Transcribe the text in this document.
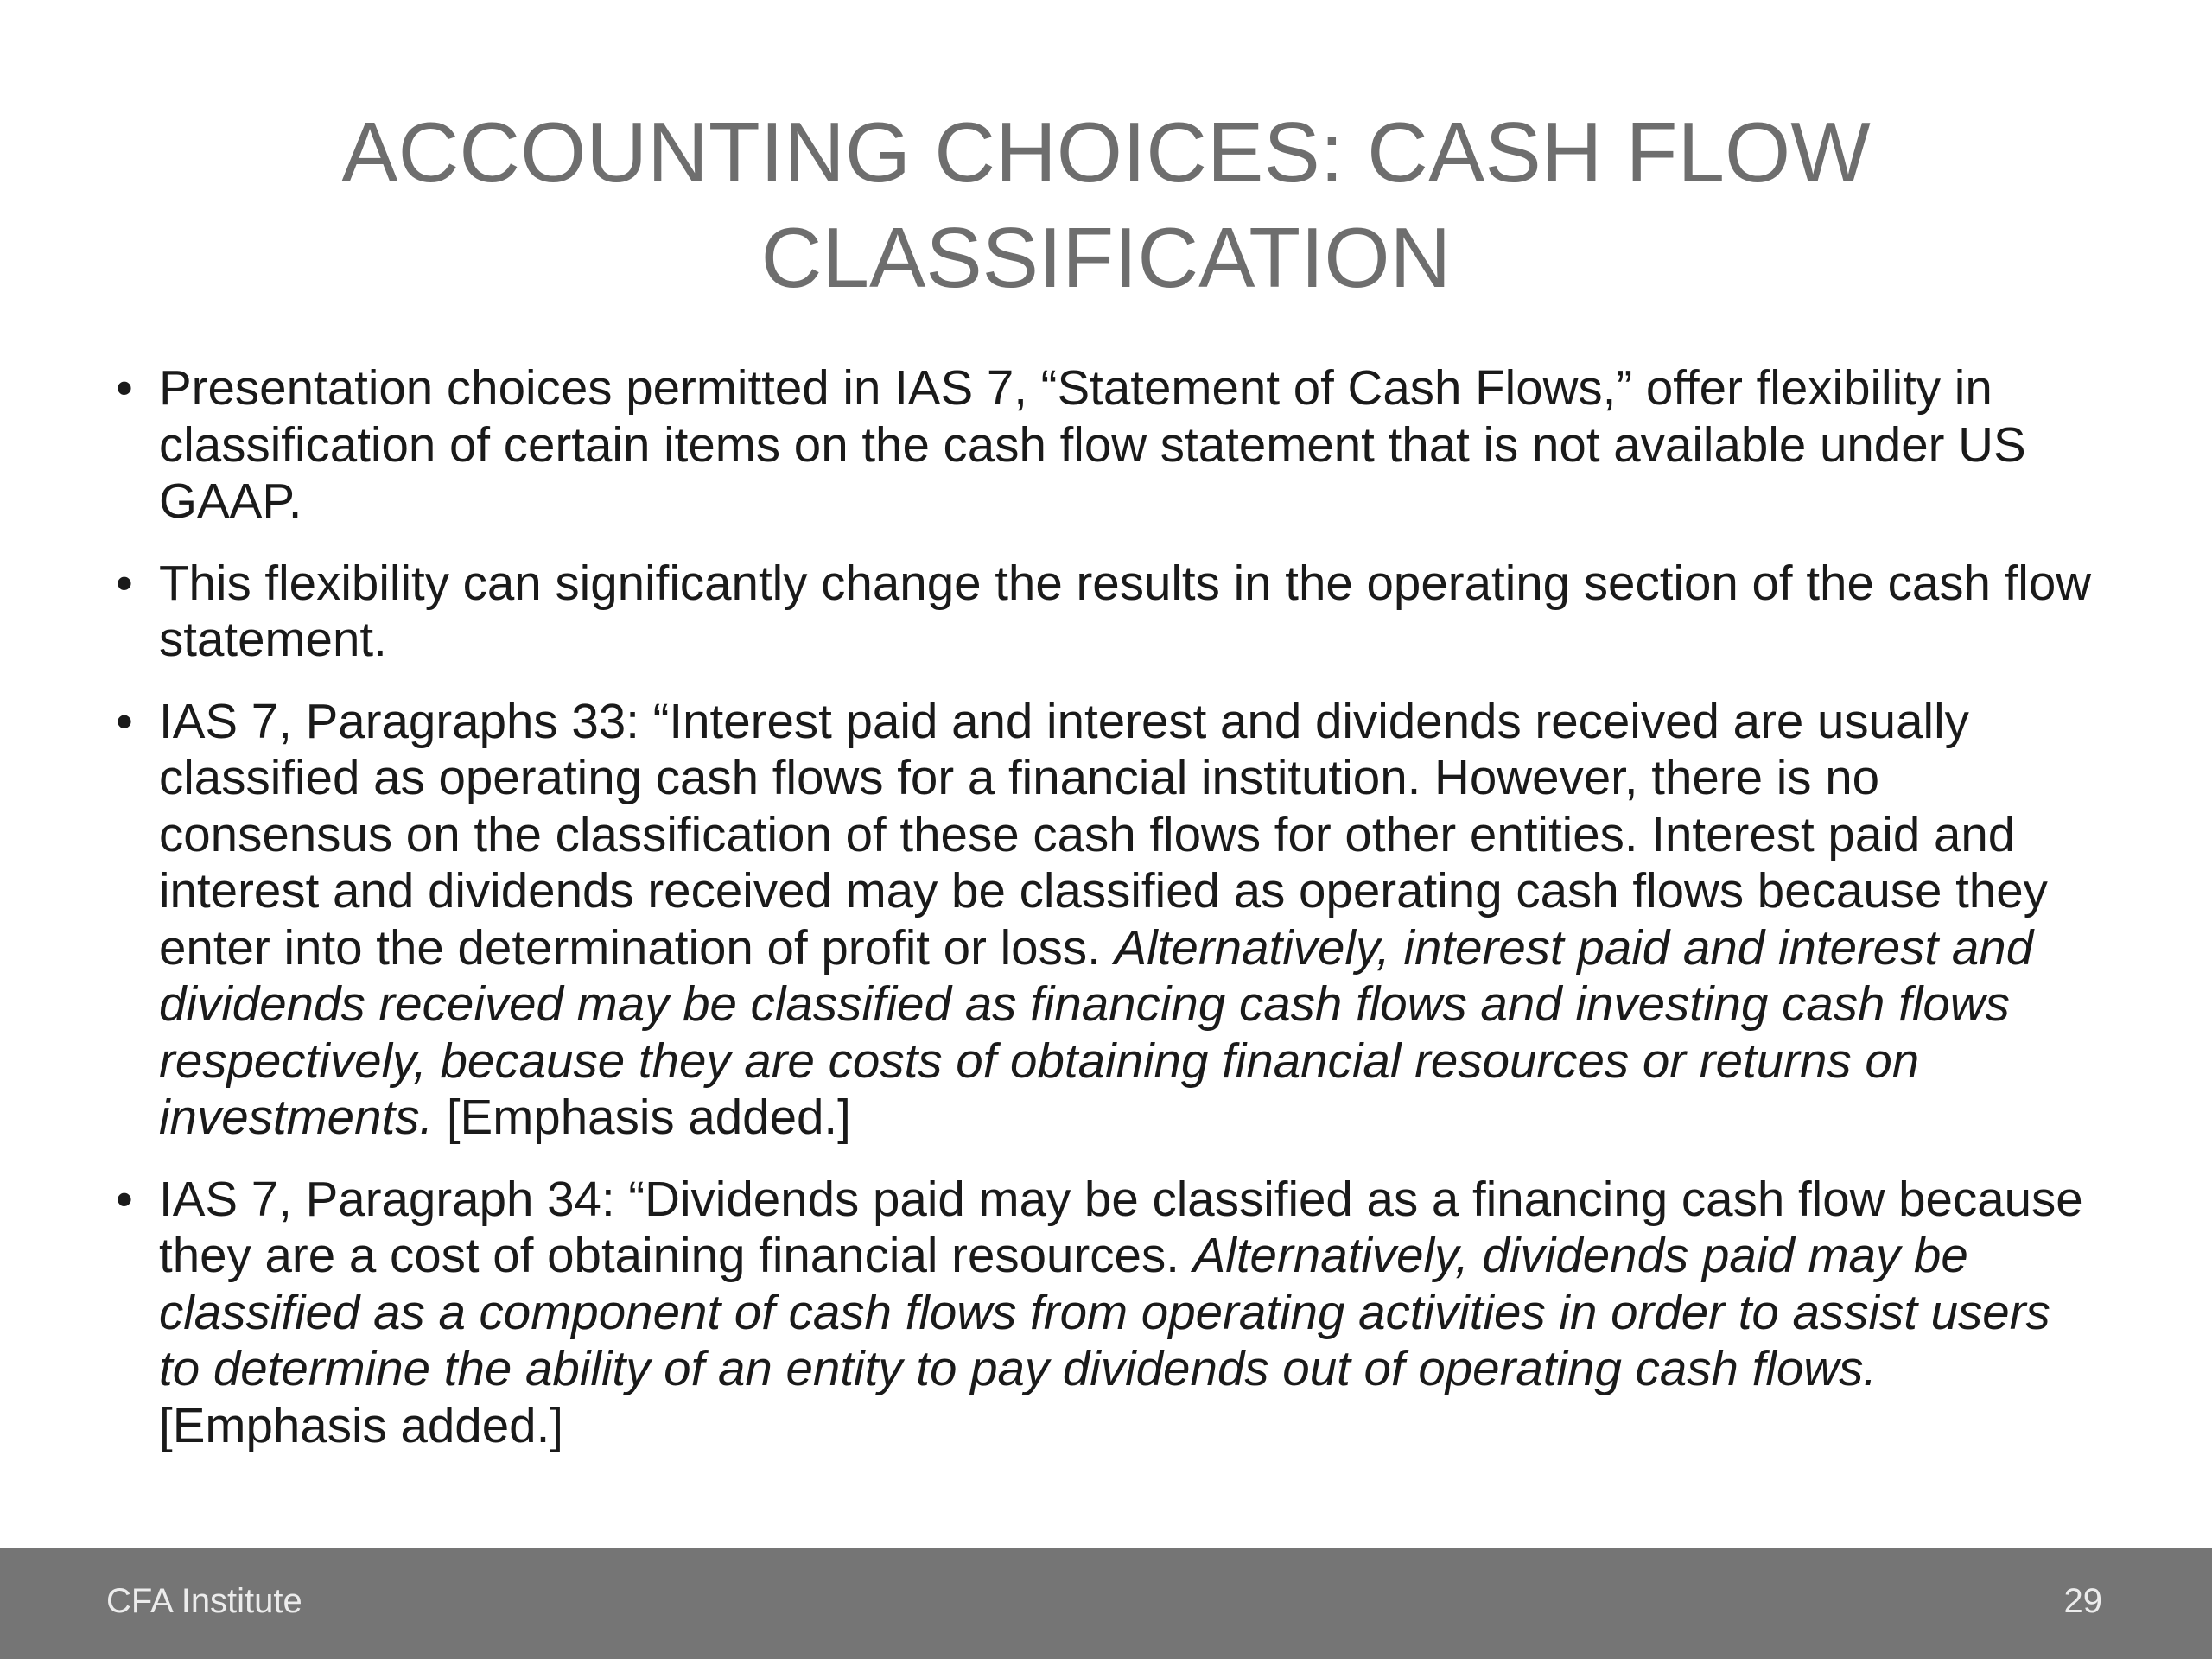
ACCOUNTING CHOICES: CASH FLOW
CLASSIFICATION
• Presentation choices permitted in IAS 7, “Statement of Cash Flows,” offer flexibility in classification of certain items on the cash flow statement that is not available under US GAAP.
• This flexibility can significantly change the results in the operating section of the cash flow statement.
• IAS 7, Paragraphs 33: “Interest paid and interest and dividends received are usually classified as operating cash flows for a financial institution. However, there is no consensus on the classification of these cash flows for other entities. Interest paid and interest and dividends received may be classified as operating cash flows because they enter into the determination of profit or loss. Alternatively, interest paid and interest and dividends received may be classified as financing cash flows and investing cash flows respectively, because they are costs of obtaining financial resources or returns on investments. [Emphasis added.]
• IAS 7, Paragraph 34: “Dividends paid may be classified as a financing cash flow because they are a cost of obtaining financial resources. Alternatively, dividends paid may be classified as a component of cash flows from operating activities in order to assist users to determine the ability of an entity to pay dividends out of operating cash flows. [Emphasis added.]
CFA Institute	29
